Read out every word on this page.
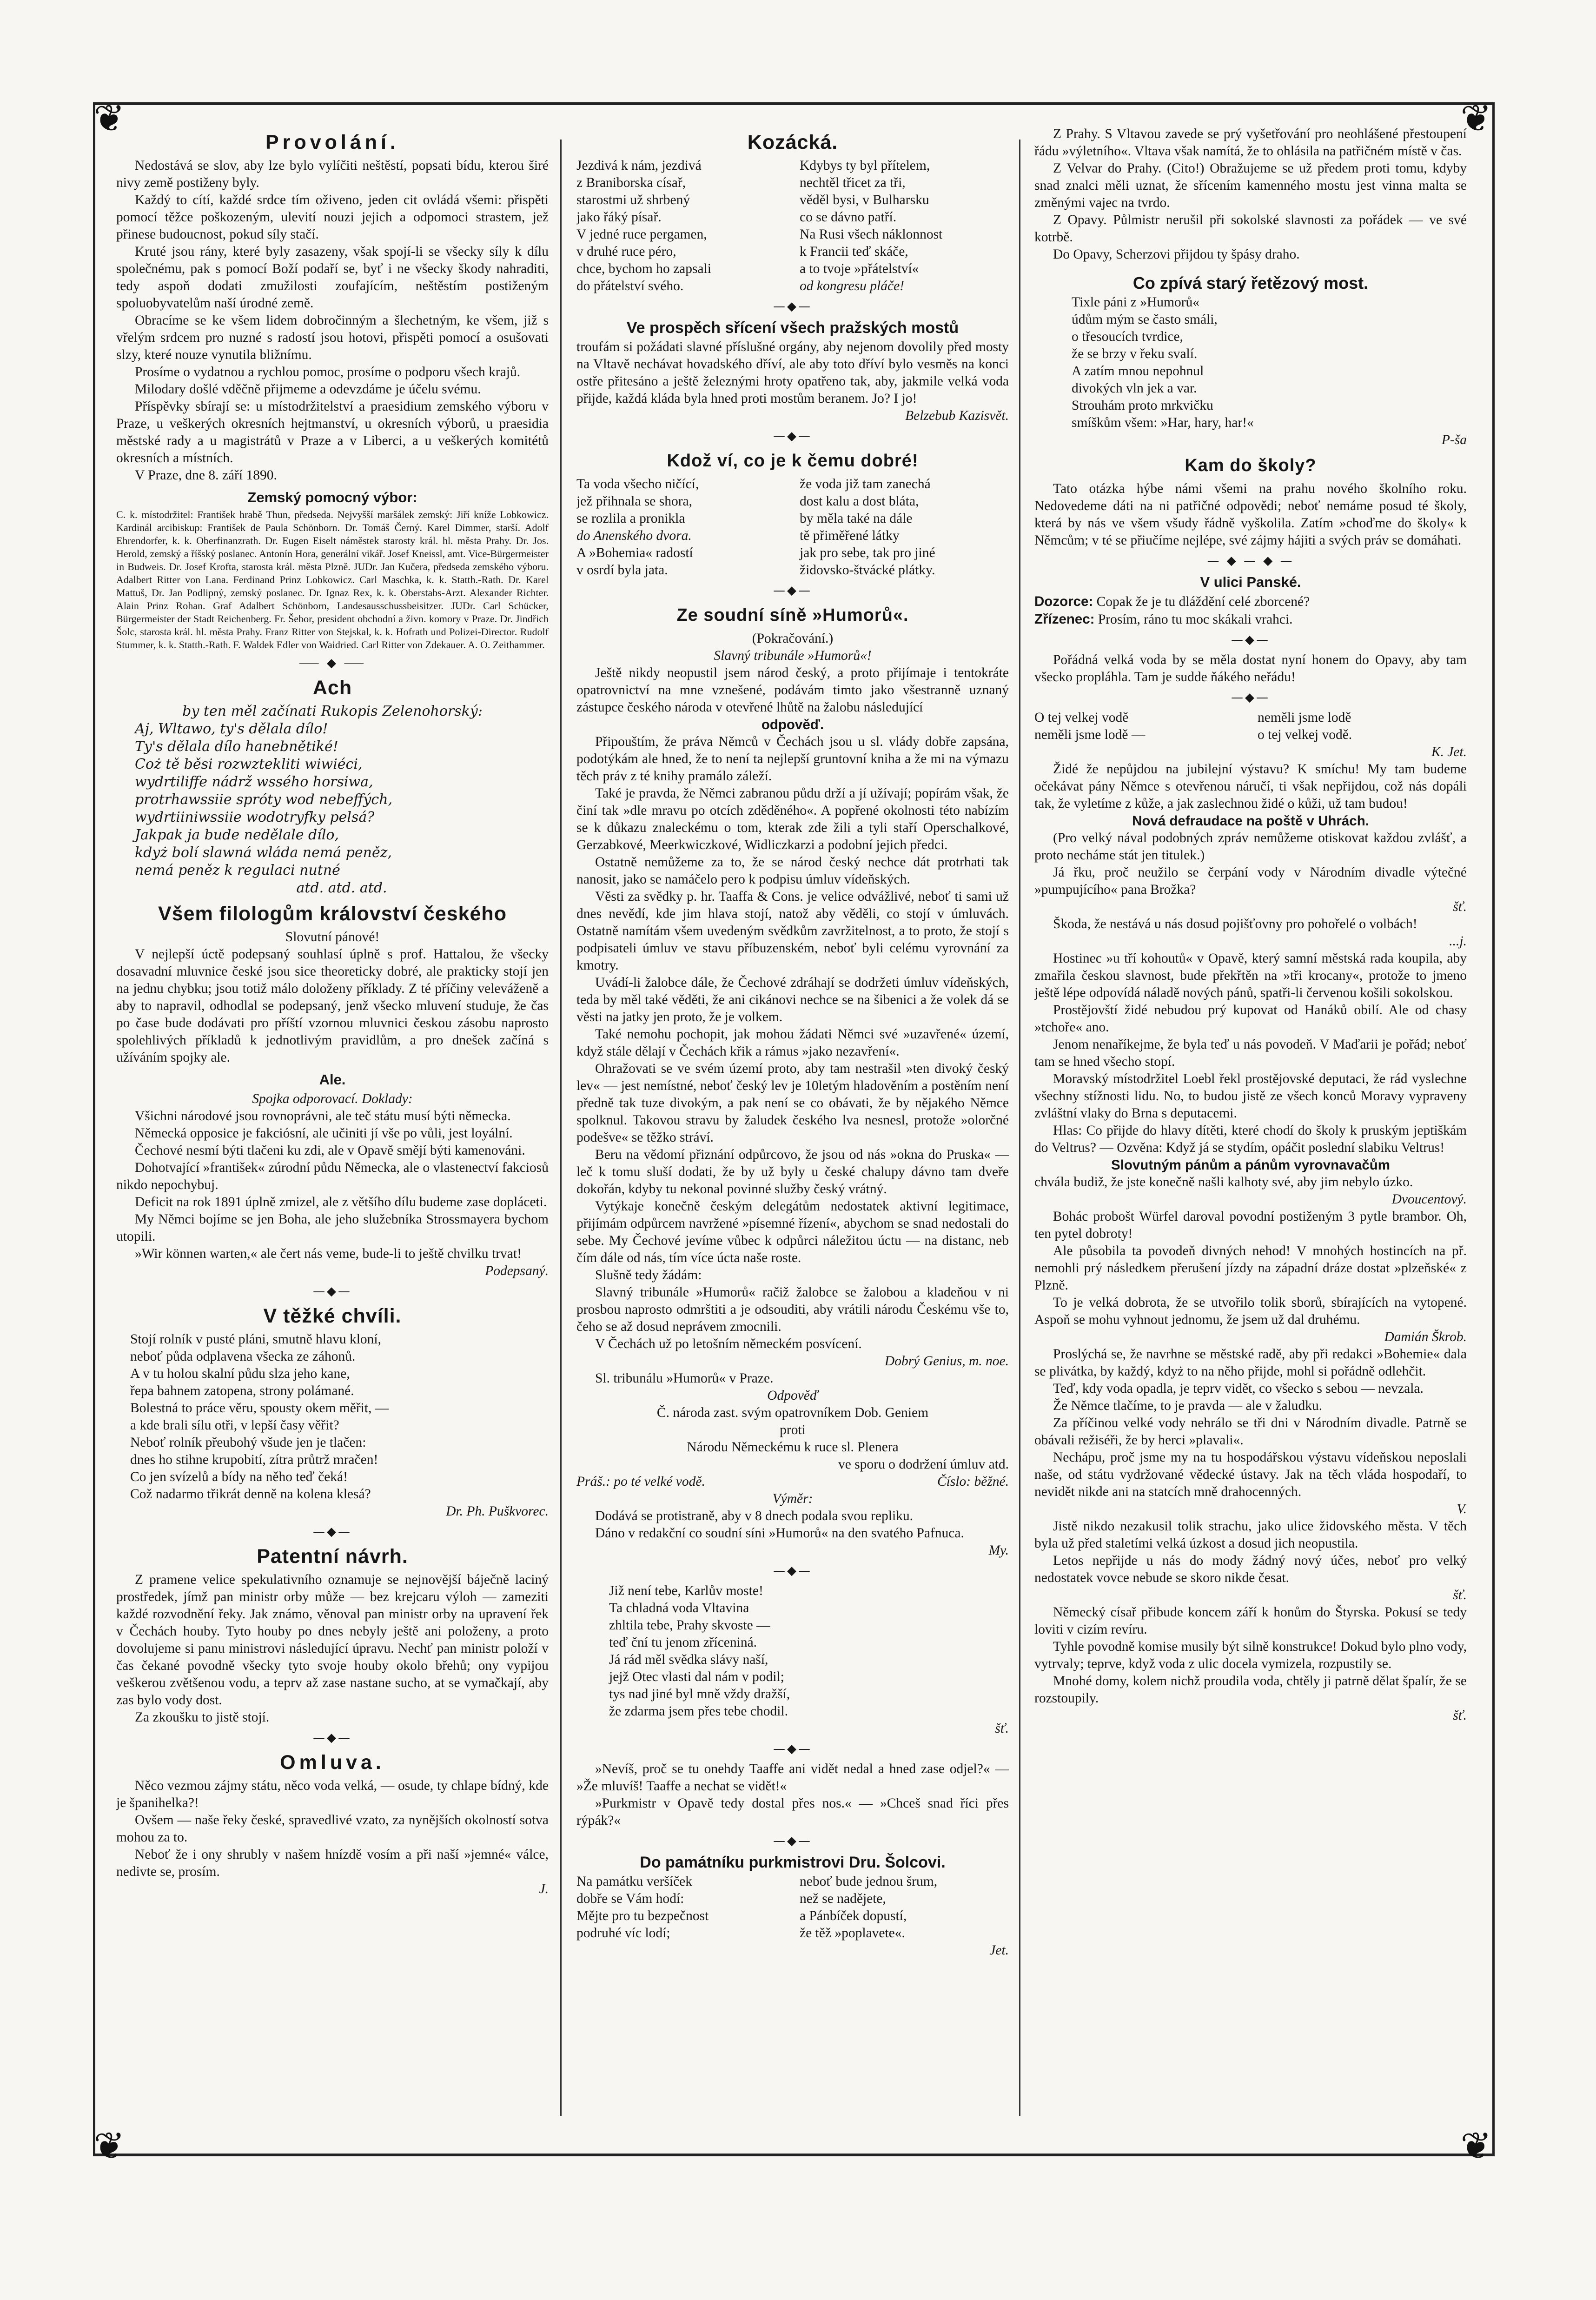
❦	❦
❦	❦
Provolání.

Nedostává se slov, aby lze bylo vylíčiti neštěstí, popsati bídu, kterou širé nivy země postiženy byly.

Každý to cítí, každé srdce tím oživeno, jeden cit ovládá všemi: přispěti pomocí těžce poškozeným, ulevití nouzi jejich a odpomoci strastem, jež přinese budoucnost, pokud síly stačí.

Kruté jsou rány, které byly zasazeny, však spojí-li se všecky síly k dílu společnému, pak s pomocí Boží podaří se, byť i ne všecky škody nahraditi, tedy aspoň dodati zmužilosti zoufajícím, neštěstím postiženým spoluobyvatelům naší úrodné země.

Obracíme se ke všem lidem dobročinným a šlechetným, ke všem, již s vřelým srdcem pro nuzné s radostí jsou hotovi, přispěti pomocí a osušovati slzy, které nouze vynutila bližnímu.

Prosíme o vydatnou a rychlou pomoc, prosíme o podporu všech krajů.

Milodary došlé vděčně přijmeme a odevzdáme je účelu svému.

Příspěvky sbírají se: u místodržitelství a praesidium zemského výboru v Praze, u veškerých okresních hejtmanství, u okresních výborů, u praesidia městské rady a u magistrátů v Praze a v Liberci, a u veškerých komitétů okresních a místních.

V Praze, dne 8. září 1890.

Zemský pomocný výbor:

C. k. místodržitel: František hrabě Thun, předseda. Nejvyšší maršálek zemský: Jiří kníže Lobkowicz. Kardinál arcibiskup: František de Paula Schönborn. Dr. Tomáš Černý. Karel Dimmer, starší. Adolf Ehrendorfer, k. k. Oberfinanzrath. Dr. Eugen Eiselt náměstek starosty král. hl. města Prahy. Dr. Jos. Herold, zemský a říšský poslanec. Antonín Hora, generální vikář. Josef Kneissl, amt. Vice-Bürgermeister in Budweis. Dr. Josef Krofta, starosta král. města Plzně. JUDr. Jan Kučera, předseda zemského výboru. Adalbert Ritter von Lana. Ferdinand Prinz Lobkowicz. Carl Maschka, k. k. Statth.-Rath. Dr. Karel Mattuš, Dr. Jan Podlipný, zemský poslanec. Dr. Ignaz Rex, k. k. Oberstabs-Arzt. Alexander Richter. Alain Prinz Rohan. Graf Adalbert Schönborn, Landesausschussbeisitzer. JUDr. Carl Schücker, Bürgermeister der Stadt Reichenberg. Fr. Šebor, president obchodní a živn. komory v Praze. Dr. Jindřich Šolc, starosta král. hl. města Prahy. Franz Ritter von Stejskal, k. k. Hofrath und Polizei-Director. Rudolf Stummer, k. k. Statth.-Rath. F. Waldek Edler von Waidried. Carl Ritter von Zdekauer. A. O. Zeithammer.

⸺ ◆ ⸺
Ach

by ten měl začínati Rukopis Zelenohorský:

Aj, Wltawo, ty's dělala dílo!
Ty's dělala dílo hanebnětiké!
Coż tě běsi rozwztekliti wiwiéci,
wydrtiliffe nádrž wssého horsiwa,
protrhawssiie spróty wod nebeffých,
wydrtiiniwssiie wodotryfky pelsá?
Jakpak ja bude nedělale dílo,
kdyż bolí slawná wláda nemá peněz,
nemá peněz k regulaci nutné
atd. atd. atd.
Všem filologům království českého

Slovutní pánové!

V nejlepší úctě podepsaný souhlasí úplně s prof. Hattalou, že všecky dosavadní mluvnice české jsou sice theoreticky dobré, ale prakticky stojí jen na jednu chybku; jsou totiž málo doloženy příklady. Z té příčiny veleváženě a aby to napravil, odhodlal se podepsaný, jenž všecko mluvení studuje, že čas po čase bude dodávati pro příští vzornou mluvnici českou zásobu naprosto spolehlivých příkladů k jednotlivým pravidlům, a pro dnešek začíná s užíváním spojky ale.

Ale.

Spojka odporovací. Doklady:

Všichni národové jsou rovnoprávni, ale teč státu musí býti německa.

Německá opposice je fakciósní, ale učiniti jí vše po vůli, jest loyální.

Čechové nesmí býti tlačeni ku zdi, ale v Opavě smějí býti kamenováni.

Dohotvající »františek« zúrodní půdu Německa, ale o vlastenectví fakciosů nikdo nepochybuj.

Deficit na rok 1891 úplně zmizel, ale z většího dílu budeme zase dopláceti.

My Němci bojíme se jen Boha, ale jeho služebníka Strossmayera bychom utopili.

»Wir können warten,« ale čert nás veme, bude-li to ještě chvilku trvat!

Podepsaný.

—◆—
V těžké chvíli.
Stojí rolník v pusté pláni, smutně hlavu kloní,
neboť půda odplavena všecka ze záhonů.
A v tu holou skalní půdu slza jeho kane,
řepa bahnem zatopena, strony polámané.
Bolestná to práce věru, spousty okem měřit, —
a kde brali sílu otři, v lepší časy věřit?
Neboť rolník přeubohý všude jen je tlačen:
dnes ho stihne krupobití, zítra průtrž mračen!
Co jen svízelů a bídy na něho teď čeká!
Což nadarmo třikrát denně na kolena klesá?

Dr. Ph. Puškvorec.

—◆—
Patentní návrh.

Z pramene velice spekulativního oznamuje se nejnovější báječně laciný prostředek, jímž pan ministr orby může — bez krejcaru výloh — zameziti každé rozvodnění řeky. Jak známo, věnoval pan ministr orby na upravení řek v Čechách houby. Tyto houby po dnes nebyly ještě ani položeny, a proto dovolujeme si panu ministrovi následující úpravu. Nechť pan ministr položí v čas čekané povodně všecky tyto svoje houby okolo břehů; ony vypijou veškerou zvětšenou vodu, a teprv až zase nastane sucho, at se vymačkají, aby zas bylo vody dost.

Za zkoušku to jistě stojí.

—◆—
Omluva.

Něco vezmou zájmy státu, něco voda velká, — osude, ty chlape bídný, kde je španihelka?!

Ovšem — naše řeky české, spravedlivé vzato, za nynějších okolností sotva mohou za to.

Neboť že i ony shrubly v našem hnízdě vosím a při naší »jemné« válce, nedivte se, prosím.

J.

Kozácká.
Jezdivá k nám, jezdivá
z Braniborska císař,
starostmi už shrbený
jako řáký písař.
V jedné ruce pergamen,
v druhé ruce péro,
chce, bychom ho zapsali
do přátelství svého.
Kdybys ty byl přítelem,
nechtěl třicet za tři,
věděl bysi, v Bulharsku
co se dávno patří.
Na Rusi všech náklonnost
k Francii teď skáče,
a to tvoje »přátelství«
od kongresu pláče!
—◆—
Ve prospěch sřícení všech pražských mostů

troufám si požádati slavné příslušné orgány, aby nejenom dovolily před mosty na Vltavě nechávat hovadského dříví, ale aby toto dříví bylo vesměs na konci ostře přitesáno a ještě železnými hroty opatřeno tak, aby, jakmile velká voda přijde, každá kláda byla hned proti mostům beranem. Jo? I jo!

Belzebub Kazisvět.

—◆—
Kdož ví, co je k čemu dobré!
Ta voda všecho ničící,
jež přihnala se shora,
se rozlila a pronikla
do Anenského dvora.
A »Bohemia« radostí
v osrdí byla jata.
že voda již tam zanechá
dost kalu a dost bláta,
by měla také na dále
tě přiměřené látky
jak pro sebe, tak pro jiné
židovsko-štvácké plátky.
—◆—
Ze soudní síně »Humorů«.

(Pokračování.)

Slavný tribunále »Humorů«!

Ještě nikdy neopustil jsem národ český, a proto přijímaje i tentokráte opatrovnictví na mne vznešené, podávám timto jako všestranně uznaný zástupce českého národa v otevřené lhůtě na žalobu následující

odpověď.

Připouštím, že práva Němců v Čechách jsou u sl. vlády dobře zapsána, podotýkám ale hned, že to není ta nejlepší gruntovní kniha a že mi na výmazu těch práv z té knihy pramálo záleží.

Také je pravda, že Němci zabranou půdu drží a jí užívají; popírám však, že činí tak »dle mravu po otcích zděděného«. A popřené okolnosti této nabízím se k důkazu znaleckému o tom, kterak zde žili a tyli staří Operschalkové, Gerzabkové, Meerkwiczkové, Widliczkarzi a podobní jejich předci.

Ostatně nemůžeme za to, že se národ český nechce dát protrhati tak nanosit, jako se namáčelo pero k podpisu úmluv vídeňských.

Věsti za svědky p. hr. Taaffa & Cons. je velice odvážlivé, neboť ti sami už dnes nevědí, kde jim hlava stojí, natož aby věděli, co stojí v úmluvách. Ostatně namítám všem uvedeným svědkům zavržitelnost, a to proto, že stojí s podpisateli úmluv ve stavu příbuzenském, neboť byli celému vyrovnání za kmotry.

Uvádí-li žalobce dále, že Čechové zdráhají se dodržeti úmluv vídeňských, teda by měl také věděti, že ani cikánovi nechce se na šibenici a že volek dá se věsti na jatky jen proto, že je volkem.

Také nemohu pochopit, jak mohou žádati Němci své »uzavřené« území, když stále dělají v Čechách křik a rámus »jako nezavření«.

Ohražovati se ve svém území proto, aby tam nestrašil »ten divoký český lev« — jest nemístné, neboť český lev je 10letým hladověním a postěním není předně tak tuze divokým, a pak není se co obávati, že by nějakého Němce spolknul. Takovou stravu by žaludek českého lva nesnesl, protože »olorčné podešve« se těžko stráví.

Beru na vědomí přiznání odpůrcovo, že jsou od nás »okna do Pruska« — leč k tomu sluší dodati, že by už byly u české chalupy dávno tam dveře dokořán, kdyby tu nekonal povinné služby český vrátný.

Vytýkaje konečně českým delegátům nedostatek aktivní legitimace, přijímám odpůrcem navržené »písemné řízení«, abychom se snad nedostali do sebe. My Čechové jevíme vůbec k odpůrci náležitou úctu — na distanc, neb čím dále od nás, tím více úcta naše roste.

Slušně tedy žádám:

Slavný tribunále »Humorů« račiž žalobce se žalobou a kladeňou v ni prosbou naprosto odmrštiti a je odsouditi, aby vrátili národu Českému vše to, čeho se až dosud neprávem zmocnili.

V Čechách už po letošním německém posvícení.

Dobrý Genius, m. noe.

Sl. tribunálu »Humorů« v Praze.

Odpověď

Č. národa zast. svým opatrovníkem Dob. Geniem

proti

Národu Německému k ruce sl. Plenera

ve sporu o dodržení úmluv atd.

Práš.: po té velké vodě.	Číslo: běžné.

Výměr:

Dodává se protistraně, aby v 8 dnech podala svou repliku.

Dáno v redakční co soudní síni »Humorů« na den svatého Pafnuca.

My.

—◆—
Již není tebe, Karlův moste!
Ta chladná voda Vltavina
zhltila tebe, Prahy skvoste —
teď ční tu jenom zříceniná.
Já rád měl svědka slávy naší,
jejž Otec vlasti dal nám v podil;
tys nad jiné byl mně vždy dražší,
že zdarma jsem přes tebe chodil.

šť.

—◆—

»Nevíš, proč se tu onehdy Taaffe ani vidět nedal a hned zase odjel?« — »Že mluvíš! Taaffe a nechat se vidět!«

»Purkmistr v Opavě tedy dostal přes nos.« — »Chceš snad říci přes rýpák?«

—◆—
Do památníku purkmistrovi Dru. Šolcovi.
Na památku veršíček
dobře se Vám hodí:
Mějte pro tu bezpečnost
podruhé víc lodí;
neboť bude jednou šrum,
než se nadějete,
a Pánbíček dopustí,
že těž »poplavete«.

Jet.

Z Prahy. S Vltavou zavede se prý vyšetřování pro neohlášené přestoupení řádu »výletního«. Vltava však namítá, že to ohlásila na patřičném místě v čas.

Z Velvar do Prahy. (Cito!) Obražujeme se už předem proti tomu, kdyby snad znalci měli uznat, že sřícením kamenného mostu jest vinna malta se změnými vajec na tvrdo.

Z Opavy. Půlmistr nerušil při sokolské slavnosti za pořádek — ve své kotrbě.

Do Opavy, Scherzovi přijdou ty špásy draho.

Co zpívá starý řetězový most.
Tiхle páni z »Humorů«
údům mým se často smáli,
o třesoucích tvrdice,
že se brzy v řeku svalí.
A zatím mnou nepohnul
divokých vln jek a var.
Strouhám proto mrkvičku
smíškům všem: »Har, hary, har!«

P-ša

Kam do školy?

Tato otázka hýbe námi všemi na prahu nového školního roku. Nedovedeme dáti na ni patřičné odpovědi; neboť nemáme posud té školy, která by nás ve všem všudy řádně vyškolila. Zatím »choďme do školy« k Němcům; v té se přiučíme nejlépe, své zájmy hájiti a svých práv se domáhati.

— ◆ — ◆ —
V ulici Panské.
Dozorce: Copak že je tu dláždění celé zborcené?
Zřízenec: Prosím, ráno tu moc skákali vrahci.
—◆—

Pořádná velká voda by se měla dostat nyní honem do Opavy, aby tam všecko propláhla. Tam je sudde ňákého neřádu!

—◆—
O tej velkej vodě
neměli jsme lodě —
neměli jsme lodě
o tej velkej vodě.

K. Jet.

Židé že nepůjdou na jubilejní výstavu? K smíchu! My tam budeme očekávat pány Němce s otevřenou náručí, ti však nepřijdou, což nás dopáli tak, že vyletíme z kůže, a jak zaslechnou židé o kůži, už tam budou!

Nová defraudace na poště v Uhrách.

(Pro velký nával podobných zpráv nemůžeme otiskovat každou zvlášť, a proto necháme stát jen titulek.)

Já řku, proč neužilo se čerpání vody v Národním divadle výtečné »pumpujícího« pana Brožka?

šť.

Škoda, že nestává u nás dosud pojišťovny pro pohořelé o volbách!

...j.

Hostinec »u tří kohoutů« v Opavě, který samní městská rada koupila, aby zmařila českou slavnost, bude překřtěn na »tři krocany«, protože to jmeno ještě lépe odpovídá náladě nových pánů, spatři-li červenou košili sokolskou.

Prostějovští židé nebudou prý kupovat od Hanáků obilí. Ale od chasy »tchoře« ano.

Jenom nenaříkejme, že byla teď u nás povodeň. V Maďarii je pořád; neboť tam se hned všecho stopí.

Moravský místodržitel Loebl řekl prostějovské deputaci, že rád vyslechne všechny stížnosti lidu. No, to budou jistě ze všech konců Moravy vypraveny zvláštní vlaky do Brna s deputacemi.

Hlas: Co přijde do hlavy dítěti, které chodí do školy k pruským jeptiškám do Veltrus? — Ozvěna: Když já se stydím, opáčit poslední slabiku Veltrus!

Slovutným pánům a pánům vyrovnavačům

chvála budiž, že jste konečně našli kalhoty své, aby jim nebylo úzko.

Dvoucentový.

Bohác probošt Würfel daroval povodní postiženým 3 pytle brambor. Oh, ten pytel dobroty!

Ale působila ta povodeň divných nehod! V mnohých hostincích na př. nemohli prý následkem přerušení jízdy na západní dráze dostat »plzeňské« z Plzně.

To je velká dobrota, že se utvořilo tolik sborů, sbírajících na vytopené. Aspoň se mohu vyhnout jednomu, že jsem už dal druhému.

Damián Škrob.

Proslýchá se, že navrhne se městské radě, aby při redakci »Bohemie« dala se plivátka, by každý, kdyż to na něho přijde, mohl si pořádně odlehčit.

Teď, kdy voda opadla, je teprv vidět, co všecko s sebou — nevzala.

Že Němce tlačíme, to je pravda — ale v žaludku.

Za příčinou velké vody nehrálo se tři dni v Národním divadle. Patrně se obávali režiséři, že by herci »plavali«.

Nechápu, proč jsme my na tu hospodářskou výstavu vídeňskou neposlali naše, od státu vydržované vědecké ústavy. Jak na těch vláda hospodaří, to nevidět nikde ani na statcích mně drahocenných.

V.

Jistě nikdo nezakusil tolik strachu, jako ulice židovského města. V těch byla už před staletími velká úzkost a dosud jich neopustila.

Letos nepřijde u nás do mody žádný nový účes, neboť pro velký nedostatek vovce nebude se skoro nikde česat.

šť.

Německý císař přibude koncem září k honům do Štyrska. Pokusí se tedy loviti v cizím revíru.

Tyhle povodně komise musily být silně konstrukce! Dokud bylo plno vody, vytrvaly; teprve, když voda z ulic docela vymizela, rozpustily se.

Mnohé domy, kolem nichž proudila voda, chtěly ji patrně dělat špalír, že se rozstoupily.

šť.
